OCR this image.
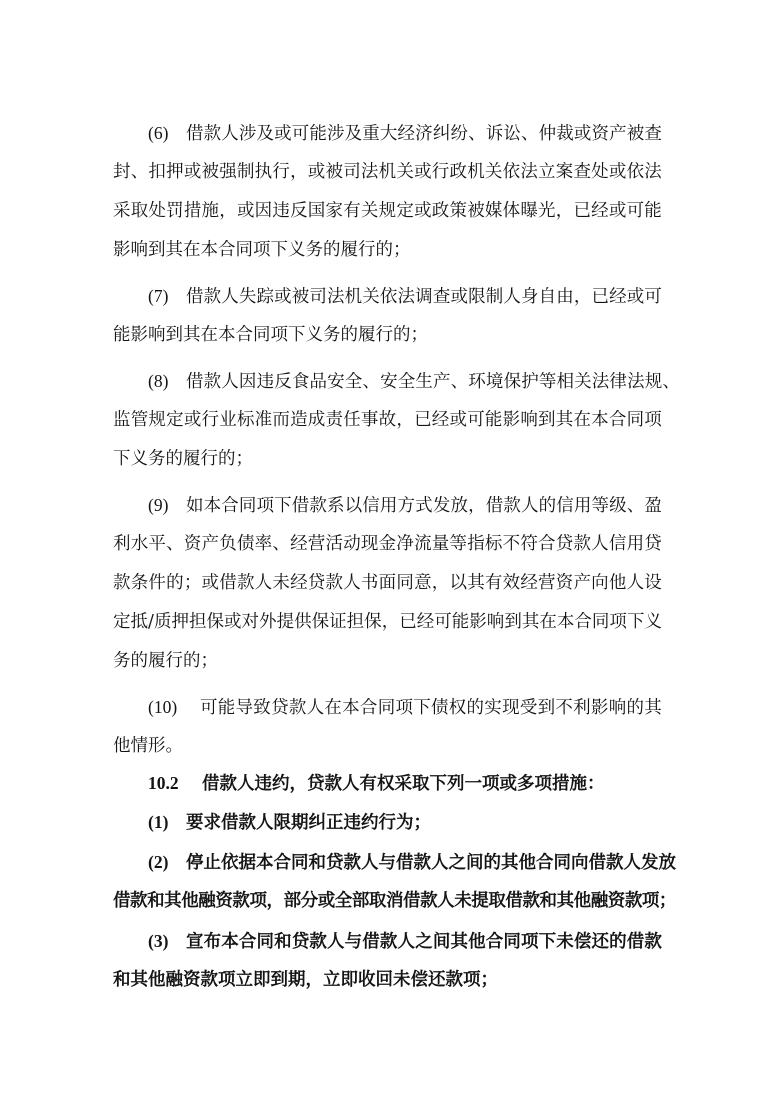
(6) 借款人涉及或可能涉及重大经济纠纷、诉讼、仲裁或资产被查
封、扣押或被强制执行，或被司法机关或行政机关依法立案查处或依法
采取处罚措施，或因违反国家有关规定或政策被媒体曝光，已经或可能
影响到其在本合同项下义务的履行的；
(7) 借款人失踪或被司法机关依法调查或限制人身自由，已经或可
能影响到其在本合同项下义务的履行的；
(8) 借款人因违反食品安全、安全生产、环境保护等相关法律法规、
监管规定或行业标准而造成责任事故，已经或可能影响到其在本合同项
下义务的履行的；
(9) 如本合同项下借款系以信用方式发放，借款人的信用等级、盈
利水平、资产负债率、经营活动现金净流量等指标不符合贷款人信用贷
款条件的；或借款人未经贷款人书面同意，以其有效经营资产向他人设
定抵/质押担保或对外提供保证担保，已经可能影响到其在本合同项下义
务的履行的；
(10) 可能导致贷款人在本合同项下债权的实现受到不利影响的其
他情形。
10.2 借款人违约，贷款人有权采取下列一项或多项措施：
(1) 要求借款人限期纠正违约行为；
(2) 停止依据本合同和贷款人与借款人之间的其他合同向借款人发放
借款和其他融资款项，部分或全部取消借款人未提取借款和其他融资款项；
(3) 宣布本合同和贷款人与借款人之间其他合同项下未偿还的借款
和其他融资款项立即到期，立即收回未偿还款项；
